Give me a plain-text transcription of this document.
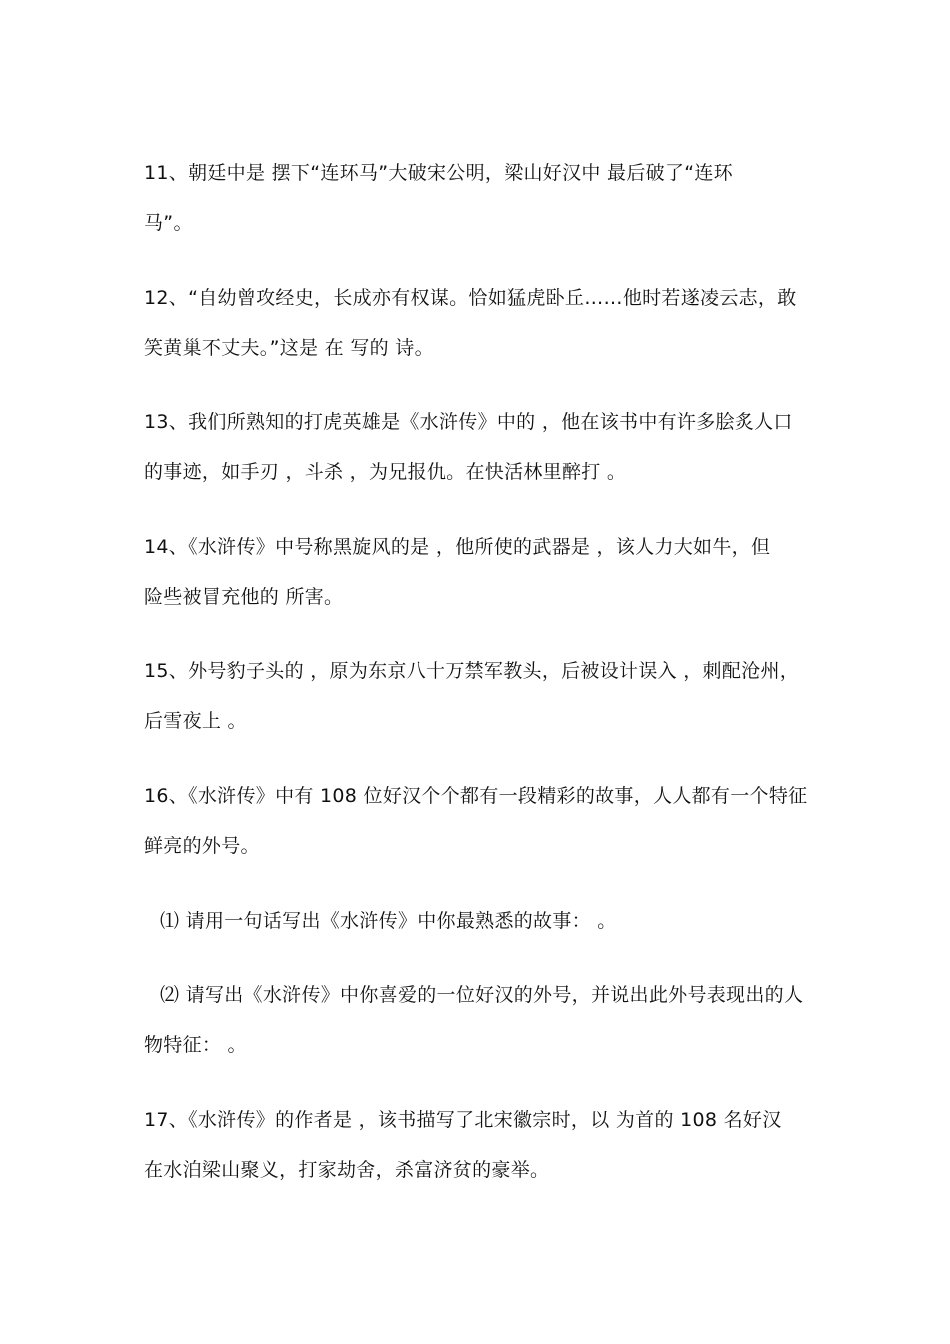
11、朝廷中是 摆下“连环马”大破宋公明，梁山好汉中 最后破了“连环
马”。
12、“自幼曾攻经史，长成亦有权谋。恰如猛虎卧丘……他时若遂凌云志，敢
笑黄巢不丈夫。”这是 在 写的 诗。
13、我们所熟知的打虎英雄是《水浒传》中的 ，他在该书中有许多脍炙人口
的事迹，如手刃 ，斗杀 ，为兄报仇。在快活林里醉打 。
14、《水浒传》中号称黑旋风的是 ，他所使的武器是 ，该人力大如牛，但
险些被冒充他的 所害。
15、外号豹子头的 ，原为东京八十万禁军教头，后被设计误入 ，刺配沧州，
后雪夜上 。
16、《水浒传》中有 108 位好汉个个都有一段精彩的故事，人人都有一个特征
鲜亮的外号。
⑴ 请用一句话写出《水浒传》中你最熟悉的故事： 。
⑵ 请写出《水浒传》中你喜爱的一位好汉的外号，并说出此外号表现出的人
物特征： 。
17、《水浒传》的作者是 ，该书描写了北宋徽宗时，以 为首的 108 名好汉
在水泊梁山聚义，打家劫舍，杀富济贫的豪举。
